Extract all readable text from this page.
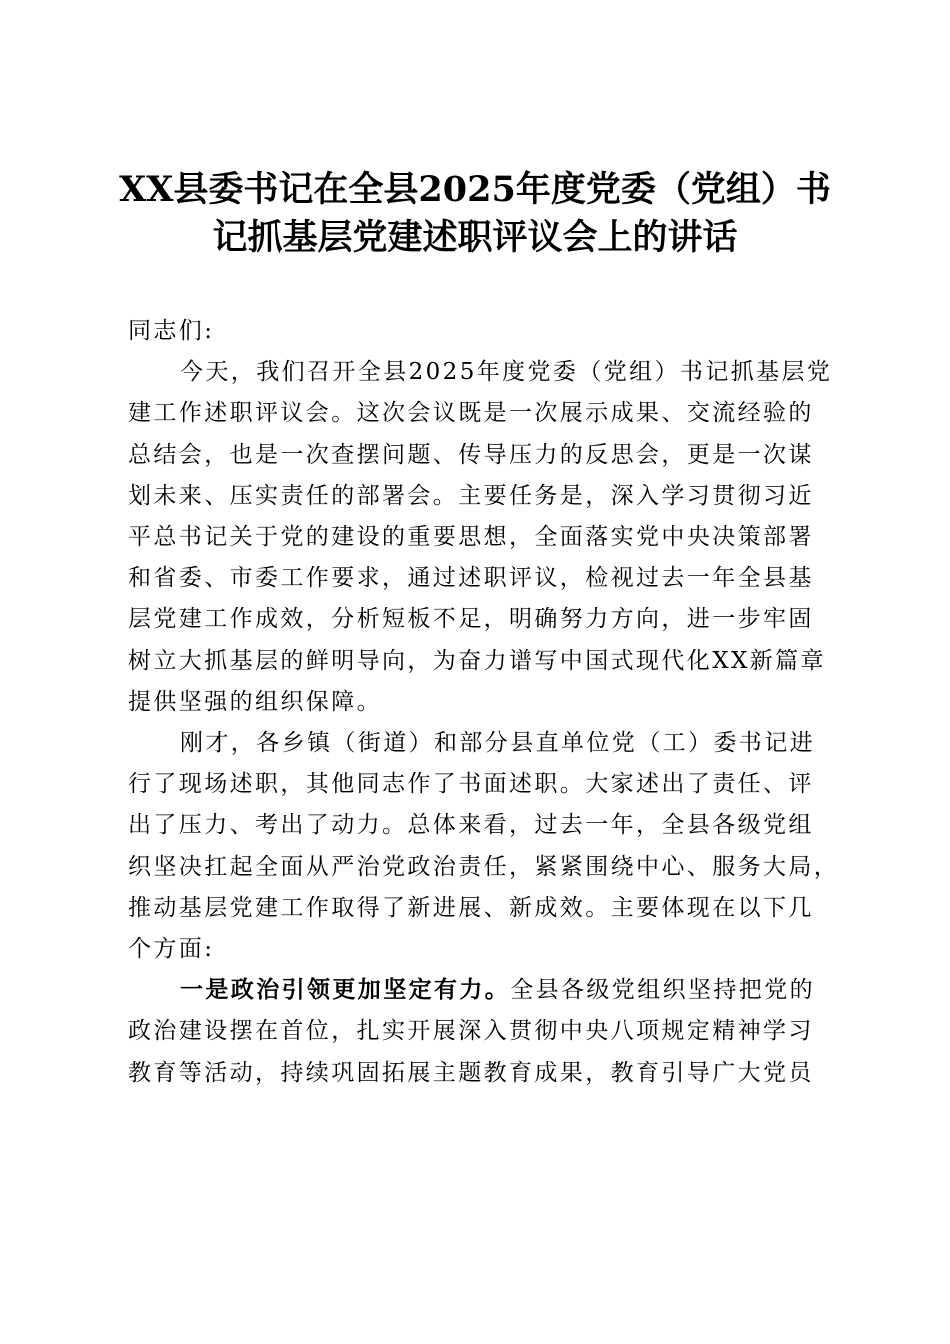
XX县委书记在全县2025年度党委（党组）书
记抓基层党建述职评议会上的讲话

同志们:

今天，我们召开全县2025年度党委（党组）书记抓基层党
建工作述职评议会。这次会议既是一次展示成果、交流经验的
总结会，也是一次查摆问题、传导压力的反思会，更是一次谋
划未来、压实责任的部署会。主要任务是，深入学习贯彻习近
平总书记关于党的建设的重要思想，全面落实党中央决策部署
和省委、市委工作要求，通过述职评议，检视过去一年全县基
层党建工作成效，分析短板不足，明确努力方向，进一步牢固
树立大抓基层的鲜明导向，为奋力谱写中国式现代化XX新篇章
提供坚强的组织保障。

刚才，各乡镇（街道）和部分县直单位党（工）委书记进
行了现场述职，其他同志作了书面述职。大家述出了责任、评
出了压力、考出了动力。总体来看，过去一年，全县各级党组
织坚决扛起全面从严治党政治责任，紧紧围绕中心、服务大局，
推动基层党建工作取得了新进展、新成效。主要体现在以下几
个方面:

一是政治引领更加坚定有力。全县各级党组织坚持把党的
政治建设摆在首位，扎实开展深入贯彻中央八项规定精神学习
教育等活动，持续巩固拓展主题教育成果，教育引导广大党员
